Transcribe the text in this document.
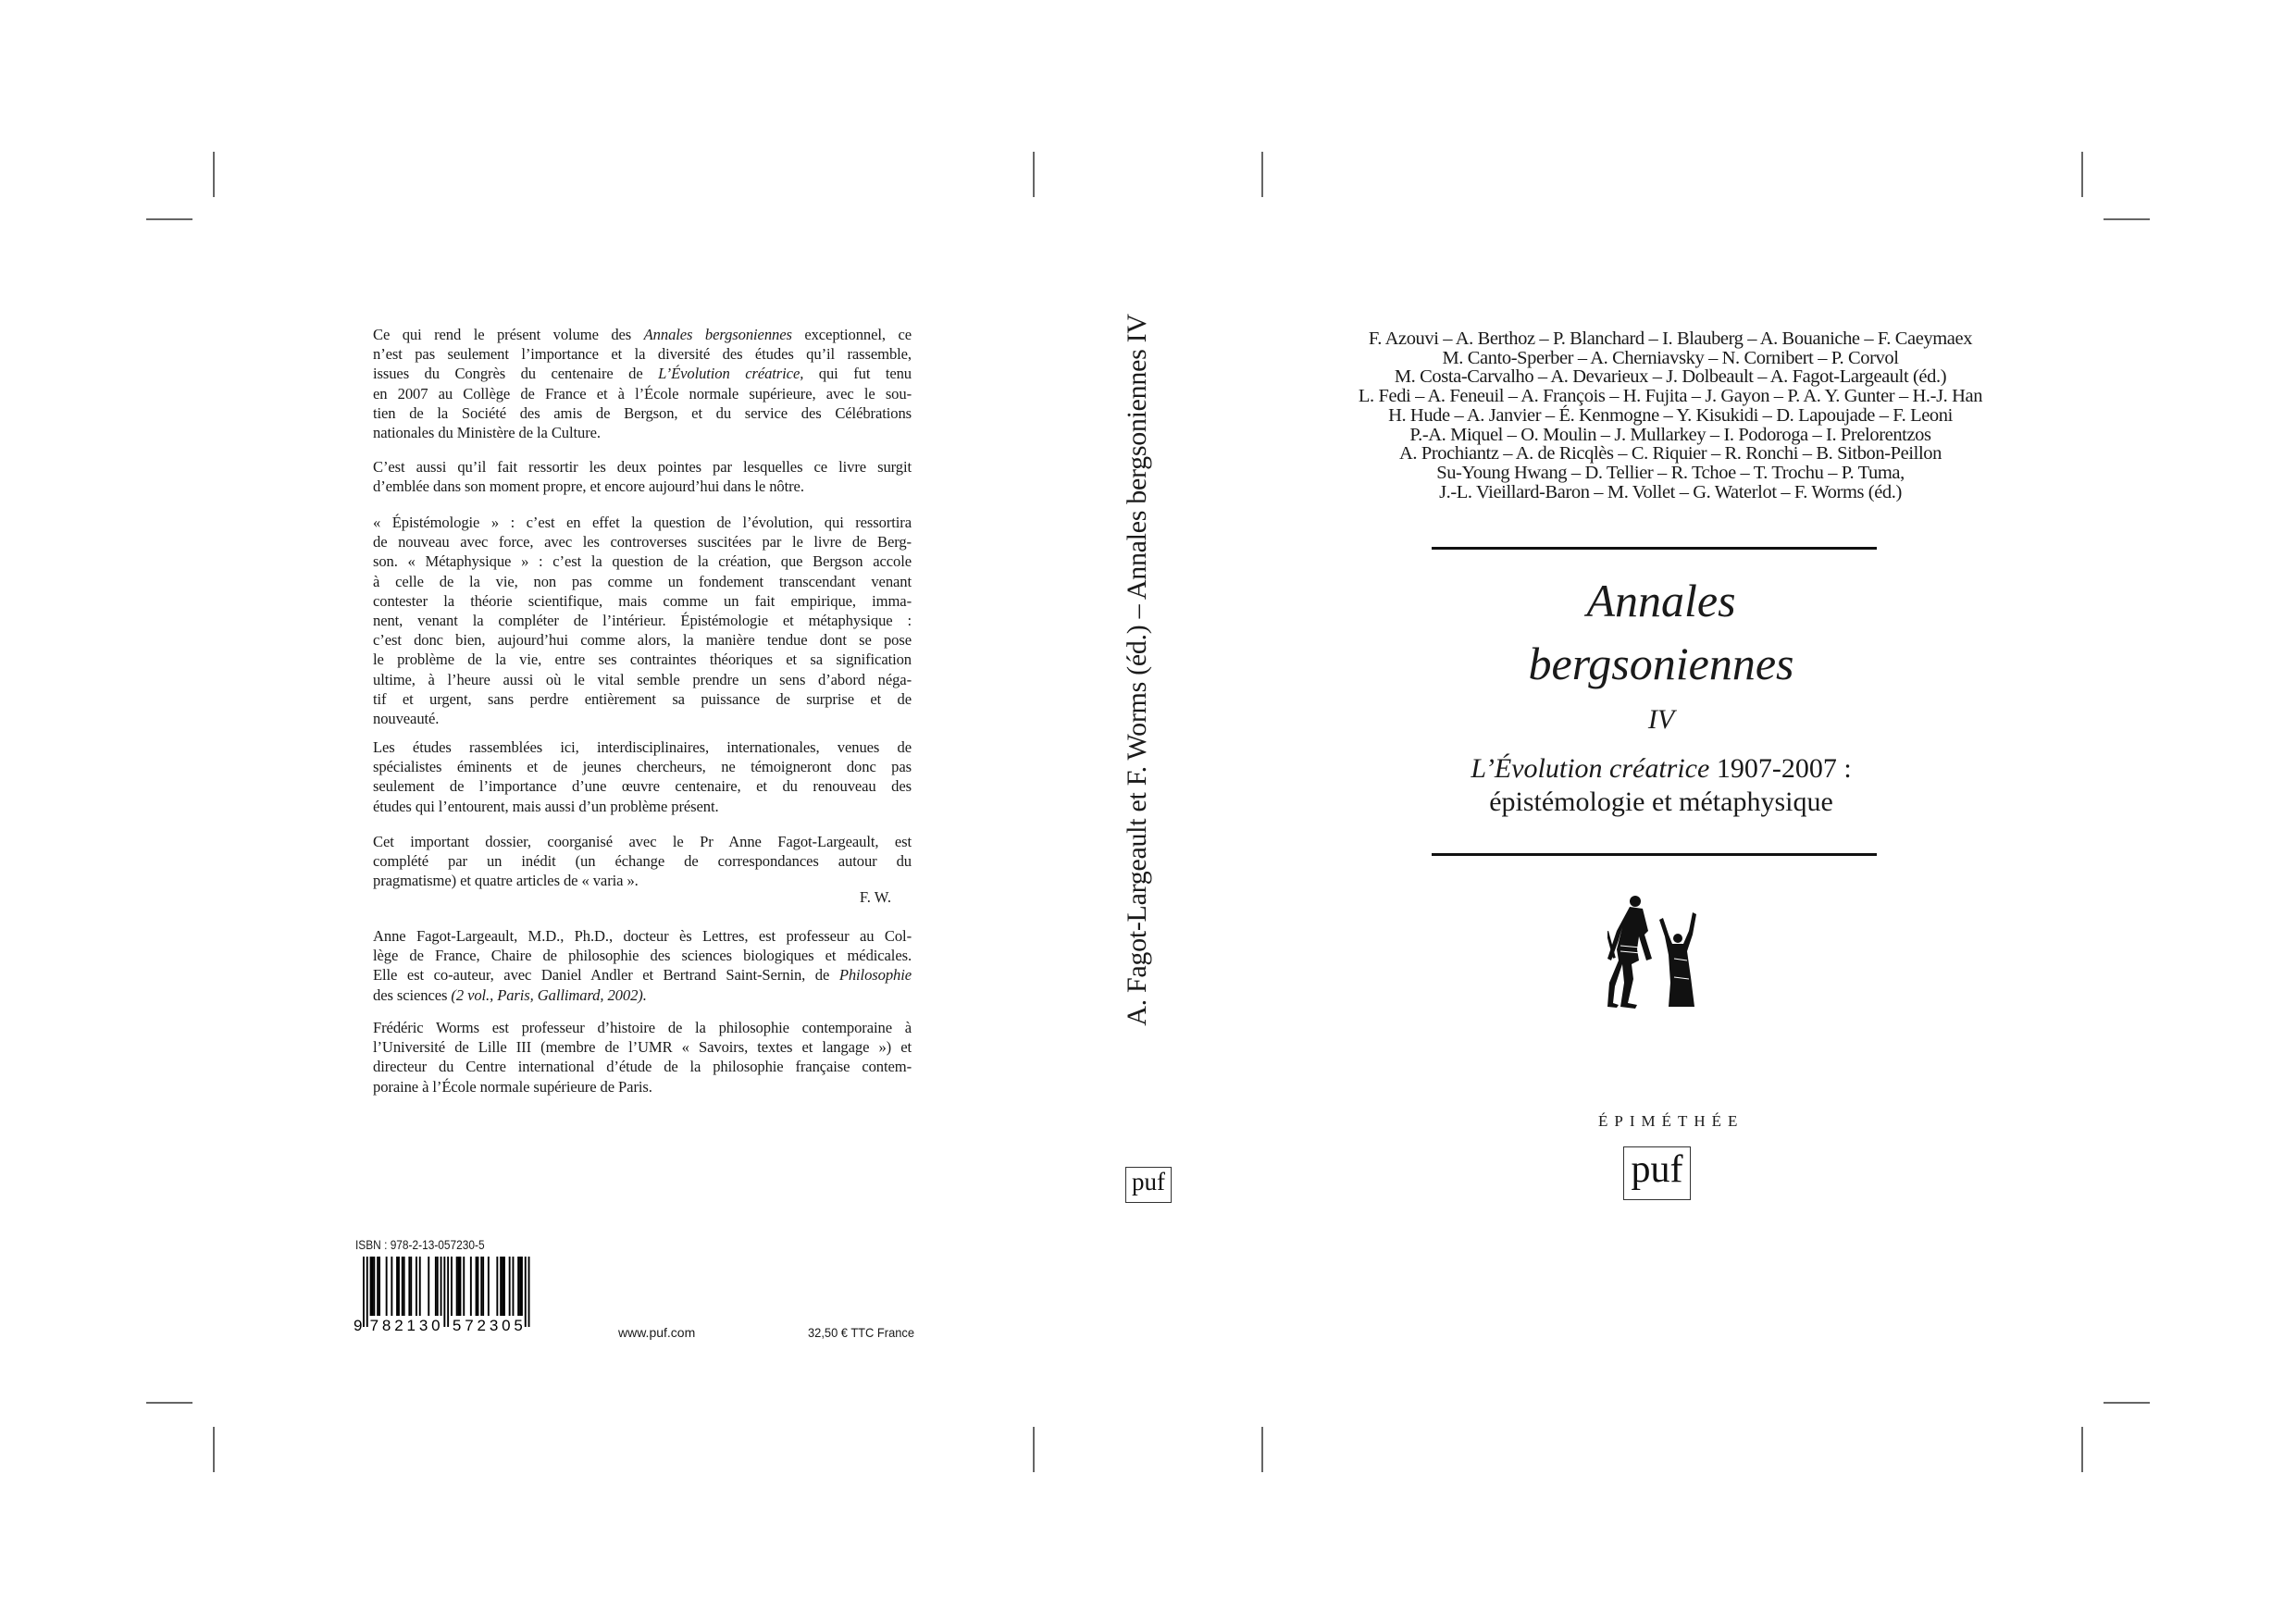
Ce qui rend le présent volume des Annales bergsoniennes exceptionnel, ce
n’est pas seulement l’importance et la diversité des études qu’il rassemble,
issues du Congrès du centenaire de L’Évolution créatrice, qui fut tenu
en 2007 au Collège de France et à l’École normale supérieure, avec le sou-
tien de la Société des amis de Bergson, et du service des Célébrations
nationales du Ministère de la Culture.
C’est aussi qu’il fait ressortir les deux pointes par lesquelles ce livre surgit
d’emblée dans son moment propre, et encore aujourd’hui dans le nôtre.
« Épistémologie » : c’est en effet la question de l’évolution, qui ressortira
de nouveau avec force, avec les controverses suscitées par le livre de Berg-
son. « Métaphysique » : c’est la question de la création, que Bergson accole
à celle de la vie, non pas comme un fondement transcendant venant
contester la théorie scientifique, mais comme un fait empirique, imma-
nent, venant la compléter de l’intérieur. Épistémologie et métaphysique :
c’est donc bien, aujourd’hui comme alors, la manière tendue dont se pose
le problème de la vie, entre ses contraintes théoriques et sa signification
ultime, à l’heure aussi où le vital semble prendre un sens d’abord néga-
tif et urgent, sans perdre entièrement sa puissance de surprise et de
nouveauté.
Les études rassemblées ici, interdisciplinaires, internationales, venues de
spécialistes éminents et de jeunes chercheurs, ne témoigneront donc pas
seulement de l’importance d’une œuvre centenaire, et du renouveau des
études qui l’entourent, mais aussi d’un problème présent.
Cet important dossier, coorganisé avec le Pr Anne Fagot-Largeault, est
complété par un inédit (un échange de correspondances autour du
pragmatisme) et quatre articles de « varia ».
F. W.
Anne Fagot-Largeault, M.D., Ph.D., docteur ès Lettres, est professeur au Col-
lège de France, Chaire de philosophie des sciences biologiques et médicales.
Elle est co-auteur, avec Daniel Andler et Bertrand Saint-Sernin, de Philosophie
des sciences (2 vol., Paris, Gallimard, 2002).
Frédéric Worms est professeur d’histoire de la philosophie contemporaine à
l’Université de Lille III (membre de l’UMR « Savoirs, textes et langage ») et
directeur du Centre international d’étude de la philosophie française contem-
poraine à l’École normale supérieure de Paris.
ISBN : 978-2-13-057230-5
9 7 8 2 1 3 0 5 7 2 3 0 5	www.puf.com	32,50 € TTC France
A. Fagot-Largeault et F. Worms (éd.) – Annales bergsoniennes IV
puf
F. Azouvi – A. Berthoz – P. Blanchard – I. Blauberg – A. Bouaniche – F. Caeymaex
M. Canto-Sperber – A. Cherniavsky – N. Cornibert – P. Corvol
M. Costa-Carvalho – A. Devarieux – J. Dolbeault – A. Fagot-Largeault (éd.)
L. Fedi – A. Feneuil – A. François – H. Fujita – J. Gayon – P. A. Y. Gunter – H.-J. Han
H. Hude – A. Janvier – É. Kenmogne – Y. Kisukidi – D. Lapoujade – F. Leoni
P.-A. Miquel – O. Moulin – J. Mullarkey – I. Podoroga – I. Prelorentzos
A. Prochiantz – A. de Ricqlès – C. Riquier – R. Ronchi – B. Sitbon-Peillon
Su-Young Hwang – D. Tellier – R. Tchoe – T. Trochu – P. Tuma,
J.-L. Vieillard-Baron – M. Vollet – G. Waterlot – F. Worms (éd.)
Annales
bergsoniennes
IV
L’Évolution créatrice 1907-2007 :
épistémologie et métaphysique
ÉPIMÉTHÉE
puf
